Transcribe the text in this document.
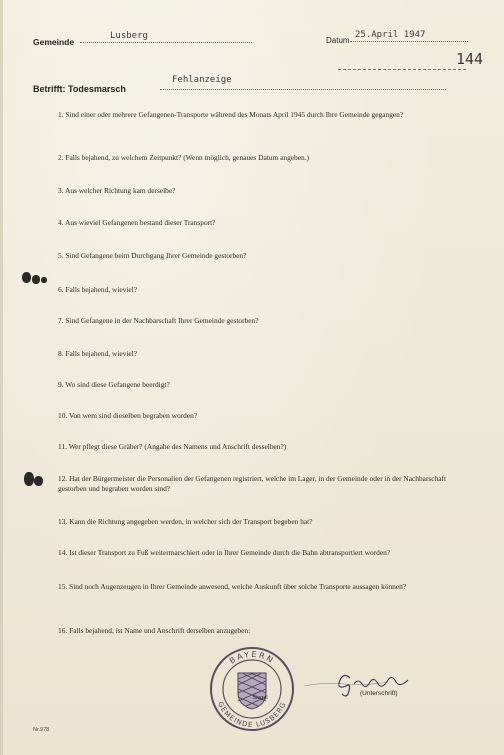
Gemeinde
Lusberg	Datum
25.April 1947
144
Betrifft: Todesmarsch
Fehlanzeige
1. Sind einer oder mehrere Gefangenen-Transporte während des Monats April 1945 durch Ihre Gemeinde gegangen?
2. Falls bejahend, zu welchem Zeitpunkt? (Wenn möglich, genaues Datum angeben.)
3. Aus welcher Richtung kam derselbe?
4. Aus wieviel Gefangenen bestand dieser Transport?
5. Sind Gefangene beim Durchgang Ihrer Gemeinde gestorben?
6. Falls bejahend, wieviel?
7. Sind Gefangene in der Nachbarschaft Ihrer Gemeinde gestorben?
8. Falls bejahend, wieviel?
9. Wo sind diese Gefangene beerdigt?
10. Von wem sind dieselben begraben worden?
11. Wer pflegt diese Gräber? (Angabe des Namens und Anschrift desselben?)
12. Hat der Bürgermeister die Personalien der Gefangenen registriert, welche im Lager, in der Gemeinde oder in der Nachbarschaft gestorben und begraben worden sind?
13. Kann die Richtung angegeben werden, in welcher sich der Transport begeben hat?
14. Ist dieser Transport zu Fuß weitermarschiert oder in Ihrer Gemeinde durch die Bahn abtransportiert worden?
15. Sind noch Augenzeugen in Ihrer Gemeinde anwesend, welche Auskunft über solche Transporte aussagen können?
16. Falls bejahend, ist Name und Anschrift derselben anzugeben:
BAYERN
GEMEINDE LUSBERG
Siegel
(Unterschrift)
Nr.978
